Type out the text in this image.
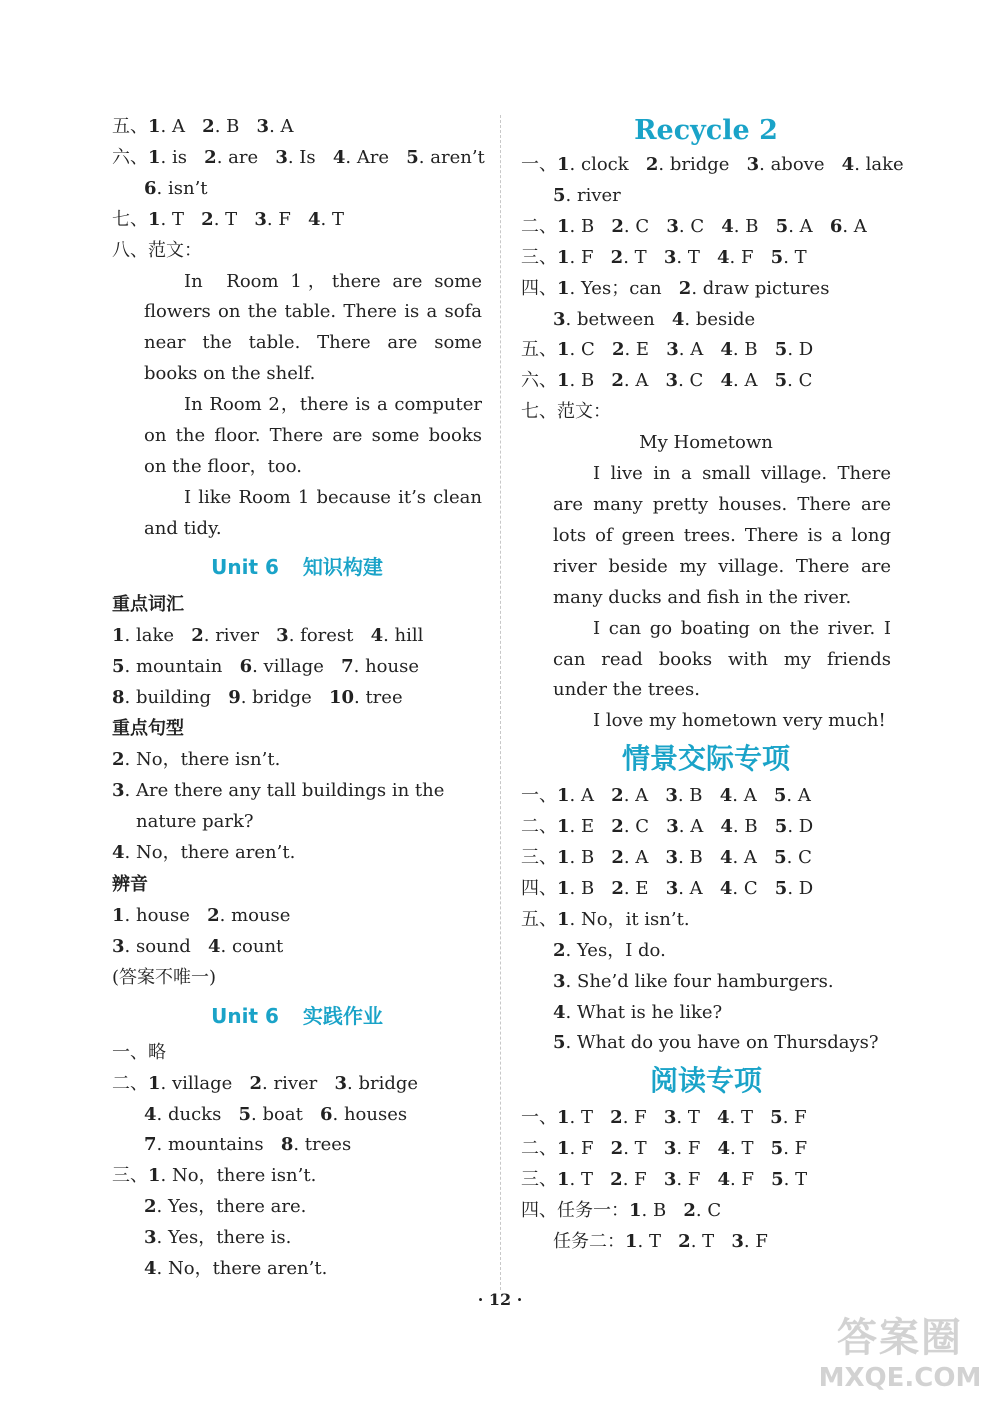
五、1. A 2. B 3. A
六、1. is 2. are 3. Is 4. Are 5. aren’t
6. isn’t
七、1. T 2. T 3. F 4. T
八、范文：
In Room 1，there are some flowers on the table. There is a sofa near the table. There are some books on the shelf.
In Room 2，there is a computer on the floor. There are some books on the floor，too.
I like Room 1 because it’s clean and tidy.
Unit 6 知识构建
重点词汇
1. lake 2. river 3. forest 4. hill
5. mountain 6. village 7. house
8. building 9. bridge 10. tree
重点句型
2. No，there isn’t.
3. Are there any tall buildings in the
nature park?
4. No，there aren’t.
辨音
1. house 2. mouse
3. sound 4. count
(答案不唯一)
Unit 6 实践作业
一、略
二、1. village 2. river 3. bridge
4. ducks 5. boat 6. houses
7. mountains 8. trees
三、1. No，there isn’t.
2. Yes，there are.
3. Yes，there is.
4. No，there aren’t.
Recycle 2
一、1. clock 2. bridge 3. above 4. lake
5. river
二、1. B 2. C 3. C 4. B 5. A 6. A
三、1. F 2. T 3. T 4. F 5. T
四、1. Yes；can 2. draw pictures
3. between 4. beside
五、1. C 2. E 3. A 4. B 5. D
六、1. B 2. A 3. C 4. A 5. C
七、范文：
My Hometown
I live in a small village. There are many pretty houses. There are lots of green trees. There is a long river beside my village. There are many ducks and fish in the river.
I can go boating on the river. I can read books with my friends under the trees.
I love my hometown very much!
情景交际专项
一、1. A 2. A 3. B 4. A 5. A
二、1. E 2. C 3. A 4. B 5. D
三、1. B 2. A 3. B 4. A 5. C
四、1. B 2. E 3. A 4. C 5. D
五、1. No，it isn’t.
2. Yes，I do.
3. She’d like four hamburgers.
4. What is he like?
5. What do you have on Thursdays?
阅读专项
一、1. T 2. F 3. T 4. T 5. F
二、1. F 2. T 3. F 4. T 5. F
三、1. T 2. F 3. F 4. F 5. T
四、任务一：1. B 2. C
任务二：1. T 2. T 3. F
· 12 ·
答案圈
MXQE.COM
